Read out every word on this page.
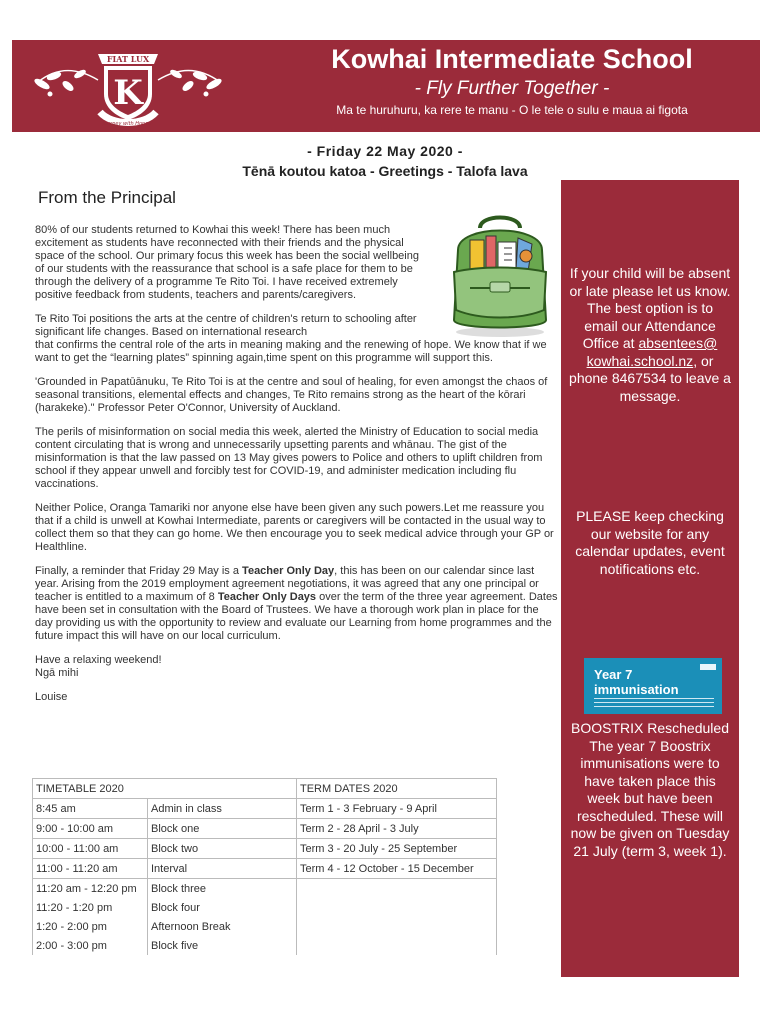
K
FIAT LUX
Journey with Honour
Kowhai Intermediate School
- Fly Further Together -
Ma te huruhuru, ka rere te manu - O le tele o sulu e maua ai figota
- Friday 22 May 2020 -
Tēnā koutou katoa - Greetings - Talofa lava
From the Principal

80% of our students returned to Kowhai this week! There has been much excitement as students have reconnected with their friends and the physical space of the school. Our primary focus this week has been the social wellbeing of our students with the reassurance that school is a safe place for them to be through the delivery of a programme Te Rito Toi. I have received extremely positive feedback from students, teachers and parents/caregivers.

Te Rito Toi positions the arts at the centre of children's return to schooling after significant life changes. Based on international research

that confirms the central role of the arts in meaning making and the renewing of hope. We know that if we want to get the “learning plates” spinning again,time spent on this programme will support this.

'Grounded in Papatūānuku, Te Rito Toi is at the centre and soul of healing, for even amongst the chaos of seasonal transitions, elemental effects and changes, Te Rito remains strong as the heart of the kōrari (harakeke)." Professor Peter O'Connor, University of Auckland.

The perils of misinformation on social media this week, alerted the Ministry of Education to social media content circulating that is wrong and unnecessarily upsetting parents and whānau. The gist of the misinformation is that the law passed on 13 May gives powers to Police and others to uplift children from school if they appear unwell and forcibly test for COVID-19, and administer medication including flu vaccinations.

Neither Police, Oranga Tamariki nor anyone else have been given any such powers.Let me reassure you that if a child is unwell at Kowhai Intermediate, parents or caregivers will be contacted in the usual way to collect them so that they can go home. We then encourage you to seek medical advice through your GP or Healthline.

Finally, a reminder that Friday 29 May is a Teacher Only Day, this has been on our calendar since last year. Arising from the 2019 employment agreement negotiations, it was agreed that any one principal or teacher is entitled to a maximum of 8 Teacher Only Days over the term of the three year agreement. Dates have been set in consultation with the Board of Trustees. We have a thorough work plan in place for the day providing us with the opportunity to review and evaluate our Learning from home programmes and the future impact this will have on our local curriculum.

Have a relaxing weekend!

Ngā mihi

Louise

TIMETABLE 2020		TERM DATES 2020
8:45 am	Admin in class	Term 1 - 3 February - 9 April
9:00 - 10:00 am	Block one	Term 2 - 28 April - 3 July
10:00 - 11:00 am	Block two	Term 3 - 20 July - 25 September
11:00 - 11:20 am	Interval	Term 4 - 12 October - 15 December
11:20 am - 12:20 pm	Block three	
11:20 - 1:20 pm	Block four	
1:20 - 2:00 pm	Afternoon Break	
2:00 - 3:00 pm	Block five	
If your child will be absent or late please let us know. The best option is to email our Attendance Office at absentees@ kowhai.school.nz, or phone 8467534 to leave a message.
PLEASE keep checking our website for any calendar updates, event notifications etc.
Year 7
immunisation
BOOSTRIX Rescheduled The year 7 Boostrix immunisations were to have taken place this week but have been rescheduled. These will now be given on Tuesday 21 July (term 3, week 1).
